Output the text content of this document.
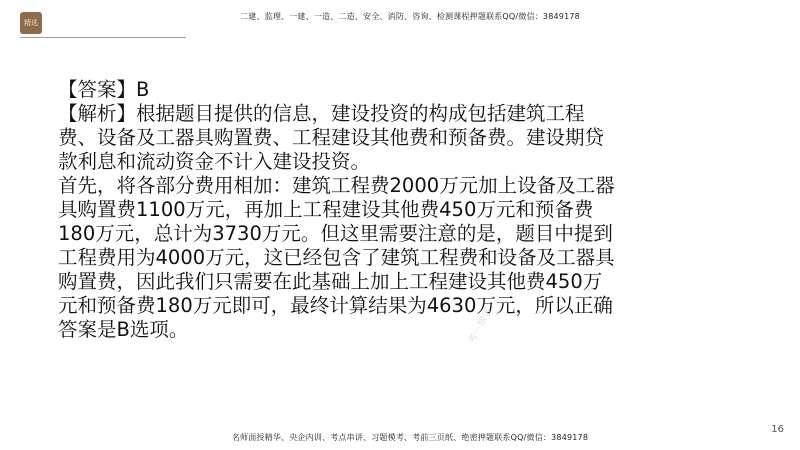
精选
二建、监理、一建、一造、二造、安全、消防、咨询、检测课程押题联系QQ/微信：3849178

【答案】B

【解析】根据题目提供的信息，建设投资的构成包括建筑工程费、设备及工器具购置费、工程建设其他费和预备费。建设期贷款利息和流动资金不计入建设投资。

首先，将各部分费用相加：建筑工程费2000万元加上设备及工器具购置费1100万元，再加上工程建设其他费450万元和预备费180万元，总计为3730万元。但这里需要注意的是，题目中提到工程费用为4000万元，这已经包含了建筑工程费和设备及工器具购置费，因此我们只需要在此基础上加上工程建设其他费450万元和预备费180万元即可，最终计算结果为4630万元，所以正确答案是B选项。	考一级证
16
名师面授精华、央企内训、考点串讲、习题模考、考前三页纸、绝密押题联系QQ/微信：3849178
